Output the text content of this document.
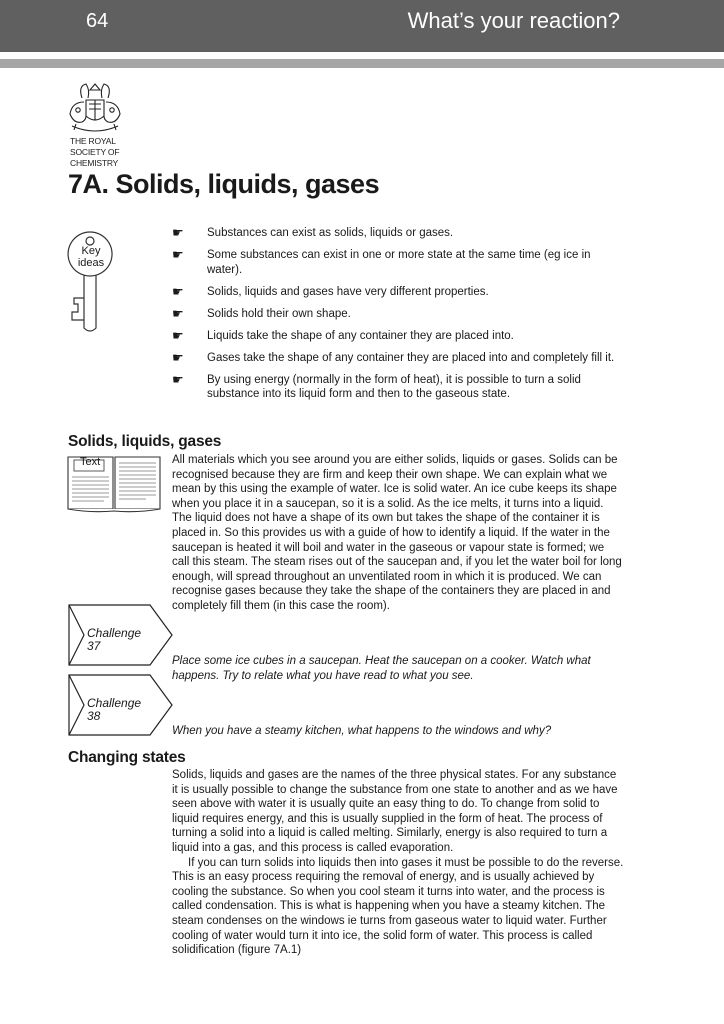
64	What’s your reaction?
THE ROYAL
SOCIETY OF
CHEMISTRY
7A. Solids, liquids, gases
Key ideas
☛ Substances can exist as solids, liquids or gases.
☛ Some substances can exist in one or more state at the same time (eg ice in water).
☛ Solids, liquids and gases have very different properties.
☛ Solids hold their own shape.
☛ Liquids take the shape of any container they are placed into.
☛ Gases take the shape of any container they are placed into and completely fill it.
☛ By using energy (normally in the form of heat), it is possible to turn a solid substance into its liquid form and then to the gaseous state.
Solids, liquids, gases
Text	All materials which you see around you are either solids, liquids or gases. Solids can be recognised because they are firm and keep their own shape. We can explain what we mean by this using the example of water. Ice is solid water. An ice cube keeps its shape when you place it in a saucepan, so it is a solid. As the ice melts, it turns into a liquid. The liquid does not have a shape of its own but takes the shape of the container it is placed in. So this provides us with a guide of how to identify a liquid. If the water in the saucepan is heated it will boil and water in the gaseous or vapour state is formed; we call this steam. The steam rises out of the saucepan and, if you let the water boil for long enough, will spread throughout an unventilated room in which it is produced. We can recognise gases because they take the shape of the containers they are placed in and completely fill them (in this case the room).

Challenge
37

Place some ice cubes in a saucepan. Heat the saucepan on a cooker. Watch what happens. Try to relate what you have read to what you see.

Challenge
38

When you have a steamy kitchen, what happens to the windows and why?

Changing states
Solids, liquids and gases are the names of the three physical states. For any substance it is usually possible to change the substance from one state to another and as we have seen above with water it is usually quite an easy thing to do. To change from solid to liquid requires energy, and this is usually supplied in the form of heat. The process of turning a solid into a liquid is called melting. Similarly, energy is also required to turn a liquid into a gas, and this process is called evaporation.
If you can turn solids into liquids then into gases it must be possible to do the reverse. This is an easy process requiring the removal of energy, and is usually achieved by cooling the substance. So when you cool steam it turns into water, and the process is called condensation. This is what is happening when you have a steamy kitchen. The steam condenses on the windows ie turns from gaseous water to liquid water. Further cooling of water would turn it into ice, the solid form of water. This process is called solidification (figure 7A.1)
